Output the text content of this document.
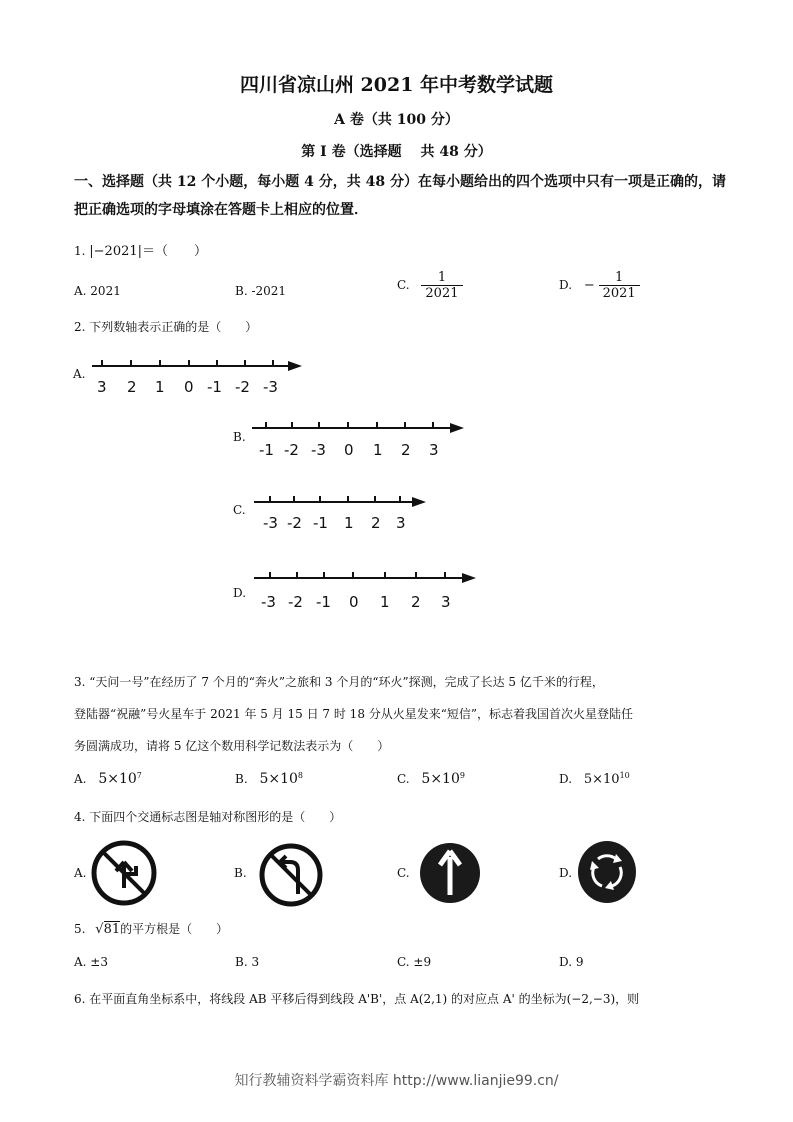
四川省凉山州 2021 年中考数学试题
A 卷（共 100 分）
第 I 卷（选择题　 共 48 分）
一、选择题（共 12 个小题，每小题 4 分，共 48 分）在每小题给出的四个选项中只有一项是正确的，请把正确选项的字母填涂在答题卡上相应的位置．
1. |−2021|＝（　　）
A. 2021	B. -2021	C. $\frac{1}{2021}$	D. − $\frac{1}{2021}$
2. 下列数轴表示正确的是（　　）
A.
3 2 1 0 -1 -2 -3
B.
-1 -2 -3 0 1 2 3
C.
-3 -2 -1 1 2 3
D. -3 -2 -1 0 1 2 3
3. “天问一号”在经历了 7 个月的“奔火”之旅和 3 个月的“环火”探测，完成了长达 5 亿千米的行程，
登陆器“祝融”号火星车于 2021 年 5 月 15 日 7 时 18 分从火星发来“短信”，标志着我国首次火星登陆任
务圆满成功，请将 5 亿这个数用科学记数法表示为（　　）
A. $5\times 10^7$	B. $5\times 10^8$	C. $5\times 10^9$	D. $5\times 10^{10}$
4. 下面四个交通标志图是轴对称图形的是（　　）
A.	B.	C.	D.
5. √81的平方根是（　　）
A. ±3	B. 3	C. ±9	D. 9
6. 在平面直角坐标系中，将线段 AB 平移后得到线段 A'B'，点 A(2,1) 的对应点 A' 的坐标为(−2,−3)，则
知行教辅资料学霸资料库 http://www.lianjie99.cn/
